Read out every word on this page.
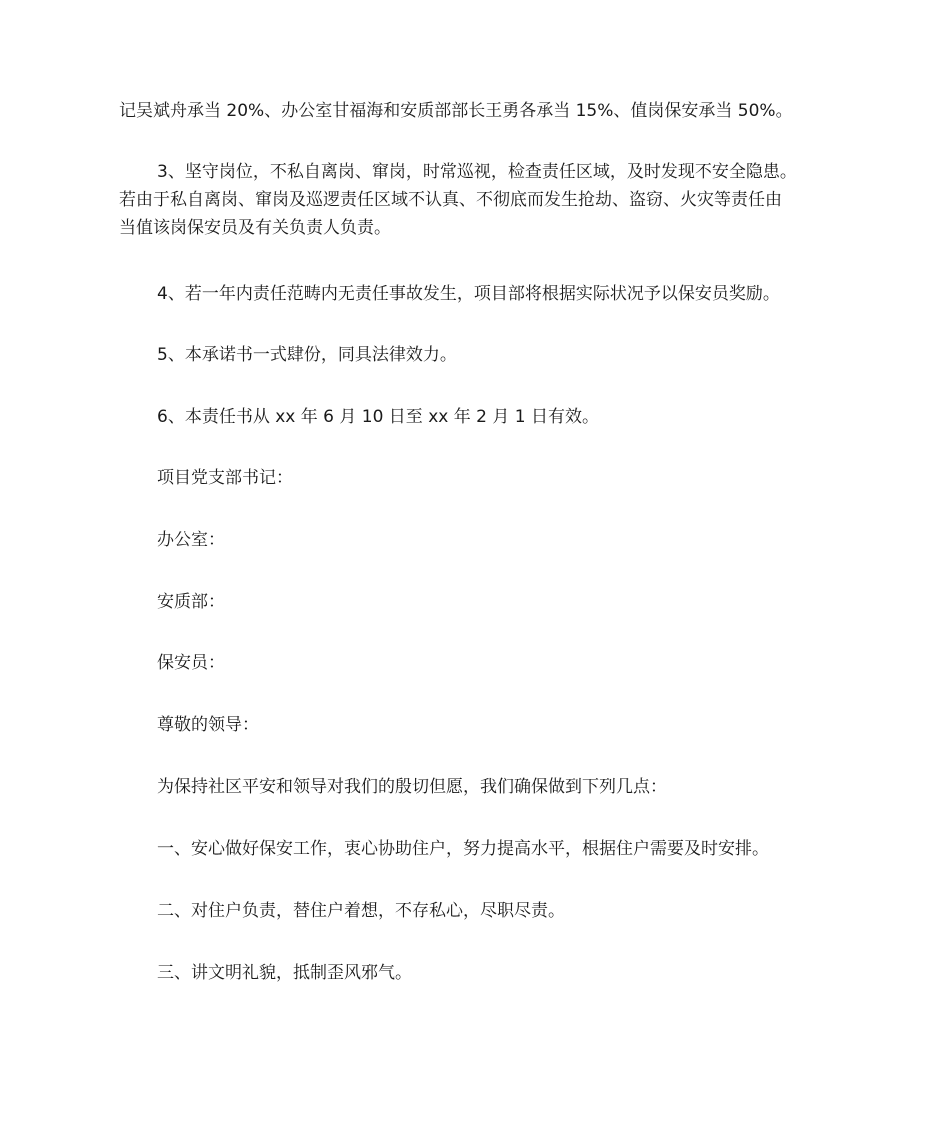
记吴斌舟承当 20%、办公室甘福海和安质部部长王勇各承当 15%、值岗保安承当 50%。
3、坚守岗位，不私自离岗、窜岗，时常巡视，检查责任区域，及时发现不安全隐患。
若由于私自离岗、窜岗及巡逻责任区域不认真、不彻底而发生抢劫、盗窃、火灾等责任由
当值该岗保安员及有关负责人负责。
4、若一年内责任范畴内无责任事故发生，项目部将根据实际状况予以保安员奖励。
5、本承诺书一式肆份，同具法律效力。
6、本责任书从 xx 年 6 月 10 日至 xx 年 2 月 1 日有效。
项目党支部书记：
办公室：
安质部：
保安员：
尊敬的领导：
为保持社区平安和领导对我们的殷切但愿，我们确保做到下列几点：
一、安心做好保安工作，衷心协助住户，努力提高水平，根据住户需要及时安排。
二、对住户负责，替住户着想，不存私心，尽职尽责。
三、讲文明礼貌，抵制歪风邪气。
